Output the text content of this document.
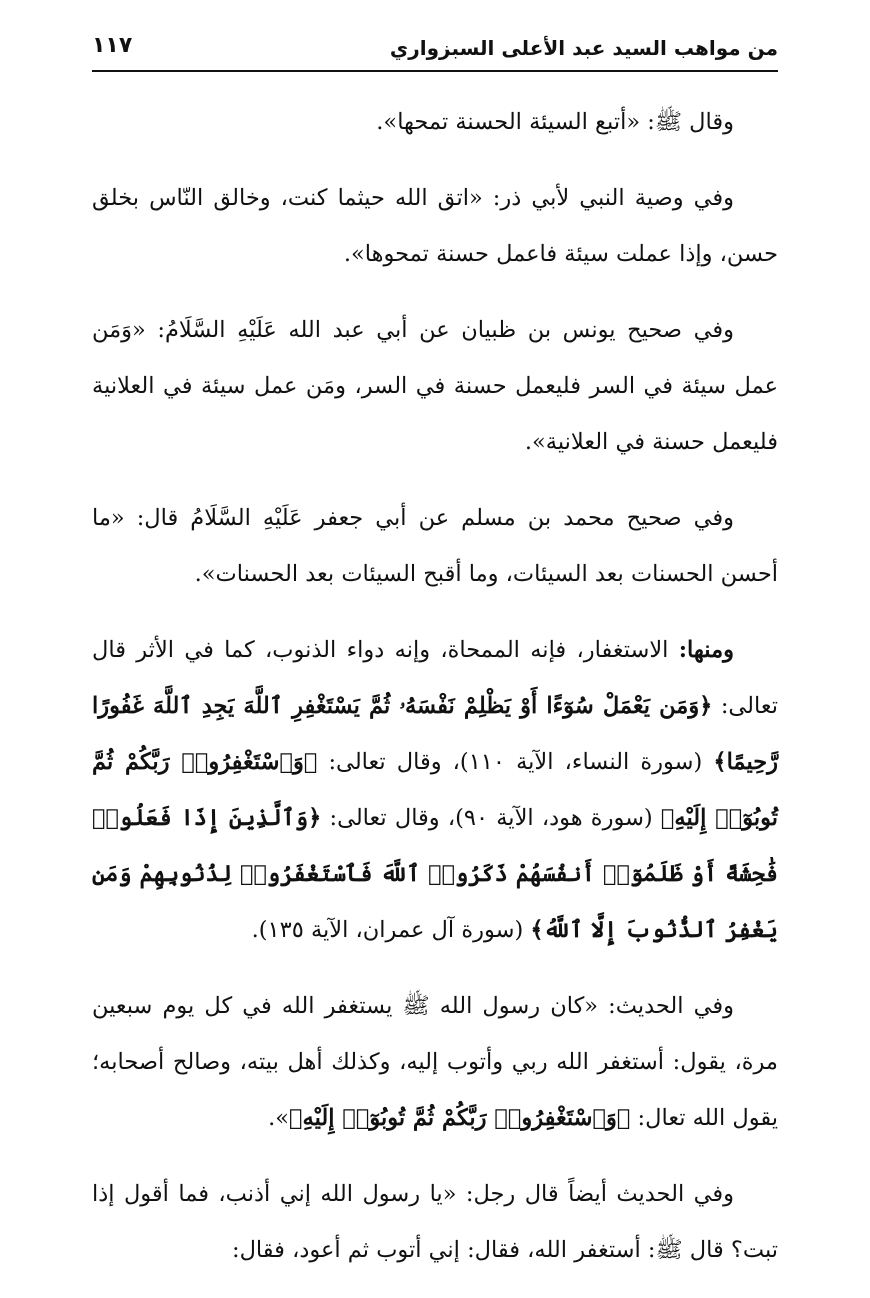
من مواهب السيد عبد الأعلى السبزواري
١١٧

وقال ﷺ: «أتبع السيئة الحسنة تمحها».

وفي وصية النبي لأبي ذر: «اتق الله حيثما كنت، وخالق النّاس بخلق حسن، وإذا عملت سيئة فاعمل حسنة تمحوها».

وفي صحيح يونس بن ظبيان عن أبي عبد الله عَلَيْهِ السَّلَامُ: «وَمَن عمل سيئة في السر فليعمل حسنة في السر، ومَن عمل سيئة في العلانية فليعمل حسنة في العلانية».

وفي صحيح محمد بن مسلم عن أبي جعفر عَلَيْهِ السَّلَامُ قال: «ما أحسن الحسنات بعد السيئات، وما أقبح السيئات بعد الحسنات».

ومنها: الاستغفار، فإنه الممحاة، وإنه دواء الذنوب، كما في الأثر قال تعالى: ﴿وَمَن يَعْمَلْ سُوٓءًا أَوْ يَظْلِمْ نَفْسَهُۥ ثُمَّ يَسْتَغْفِرِ ٱللَّهَ يَجِدِ ٱللَّهَ غَفُورًا رَّحِيمًا﴾ (سورة النساء، الآية ١١٠)، وقال تعالى: ﴿وَٱسْتَغْفِرُوا۟ رَبَّكُمْ ثُمَّ تُوبُوٓا۟ إِلَيْهِ﴾ (سورة هود، الآية ٩٠)، وقال تعالى: ﴿وَٱلَّذِينَ إِذَا فَعَلُوا۟ فَٰحِشَةً أَوْ ظَلَمُوٓا۟ أَنفُسَهُمْ ذَكَرُوا۟ ٱللَّهَ فَٱسْتَغْفَرُوا۟ لِذُنُوبِهِمْ وَمَن يَغْفِرُ ٱلذُّنُوبَ إِلَّا ٱللَّهُ﴾ (سورة آل عمران، الآية ١٣٥).

وفي الحديث: «كان رسول الله ﷺ يستغفر الله في كل يوم سبعين مرة، يقول: أستغفر الله ربي وأتوب إليه، وكذلك أهل بيته، وصالح أصحابه؛ يقول الله تعال: ﴿وَٱسْتَغْفِرُوا۟ رَبَّكُمْ ثُمَّ تُوبُوٓا۟ إِلَيْهِ﴾».

وفي الحديث أيضاً قال رجل: «يا رسول الله إني أذنب، فما أقول إذا تبت؟ قال ﷺ: أستغفر الله، فقال: إني أتوب ثم أعود، فقال:
